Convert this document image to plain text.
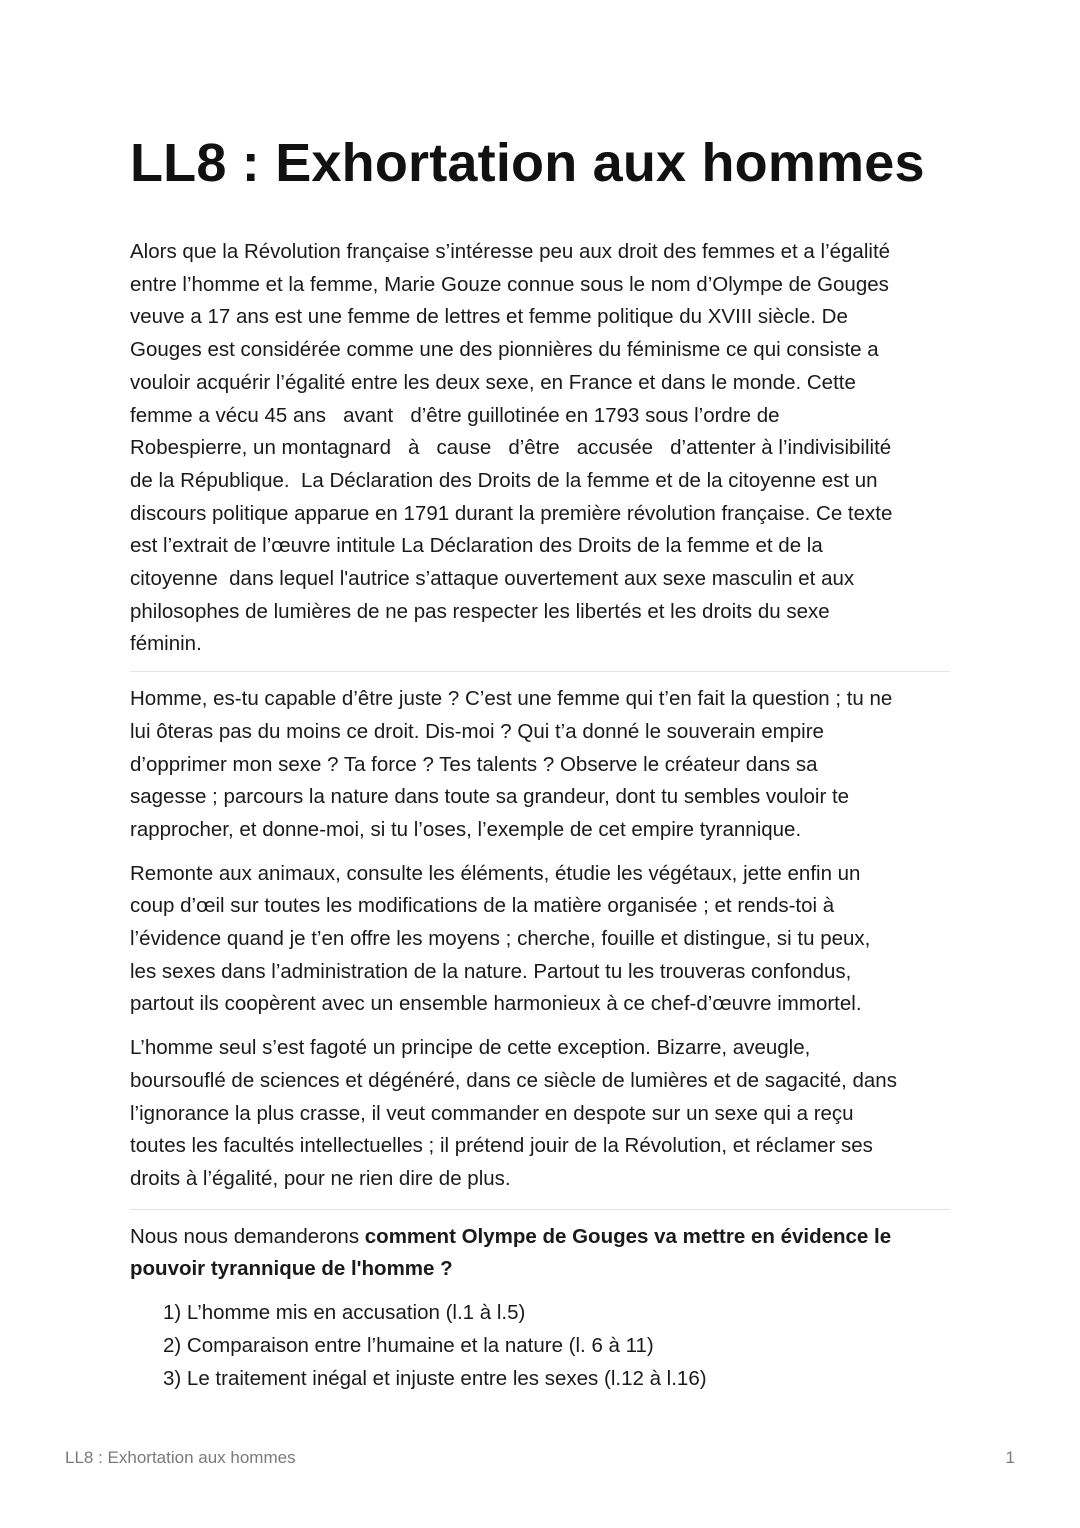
LL8 : Exhortation aux hommes

Alors que la Révolution française s’intéresse peu aux droit des femmes et a l’égalité
entre l’homme et la femme, Marie Gouze connue sous le nom d’Olympe de Gouges
veuve a 17 ans est une femme de lettres et femme politique du XVIII siècle. De
Gouges est considérée comme une des pionnières du féminisme ce qui consiste a
vouloir acquérir l’égalité entre les deux sexe, en France et dans le monde. Cette
femme a vécu 45 ans   avant   d’être guillotinée en 1793 sous l’ordre de
Robespierre, un montagnard   à   cause   d’être   accusée   d’attenter à l’indivisibilité
de la République.  La Déclaration des Droits de la femme et de la citoyenne est un
discours politique apparue en 1791 durant la première révolution française. Ce texte
est l’extrait de l’œuvre intitule La Déclaration des Droits de la femme et de la
citoyenne  dans lequel l'autrice s’attaque ouvertement aux sexe masculin et aux
philosophes de lumières de ne pas respecter les libertés et les droits du sexe
féminin.

Homme, es-tu capable d’être juste ? C’est une femme qui t’en fait la question ; tu ne
lui ôteras pas du moins ce droit. Dis-moi ? Qui t’a donné le souverain empire
d’opprimer mon sexe ? Ta force ? Tes talents ? Observe le créateur dans sa
sagesse ; parcours la nature dans toute sa grandeur, dont tu sembles vouloir te
rapprocher, et donne-moi, si tu l’oses, l’exemple de cet empire tyrannique.

Remonte aux animaux, consulte les éléments, étudie les végétaux, jette enfin un
coup d’œil sur toutes les modifications de la matière organisée ; et rends-toi à
l’évidence quand je t’en offre les moyens ; cherche, fouille et distingue, si tu peux,
les sexes dans l’administration de la nature. Partout tu les trouveras confondus,
partout ils coopèrent avec un ensemble harmonieux à ce chef-d’œuvre immortel.

L’homme seul s’est fagoté un principe de cette exception. Bizarre, aveugle,
boursouflé de sciences et dégénéré, dans ce siècle de lumières et de sagacité, dans
l’ignorance la plus crasse, il veut commander en despote sur un sexe qui a reçu
toutes les facultés intellectuelles ; il prétend jouir de la Révolution, et réclamer ses
droits à l’égalité, pour ne rien dire de plus.

Nous nous demanderons comment Olympe de Gouges va mettre en évidence le
pouvoir tyrannique de l'homme ?

1) L’homme mis en accusation (l.1 à l.5)
2) Comparaison entre l’humaine et la nature (l. 6 à 11)
3) Le traitement inégal et injuste entre les sexes (l.12 à l.16)
LL8 : Exhortation aux hommes	1
